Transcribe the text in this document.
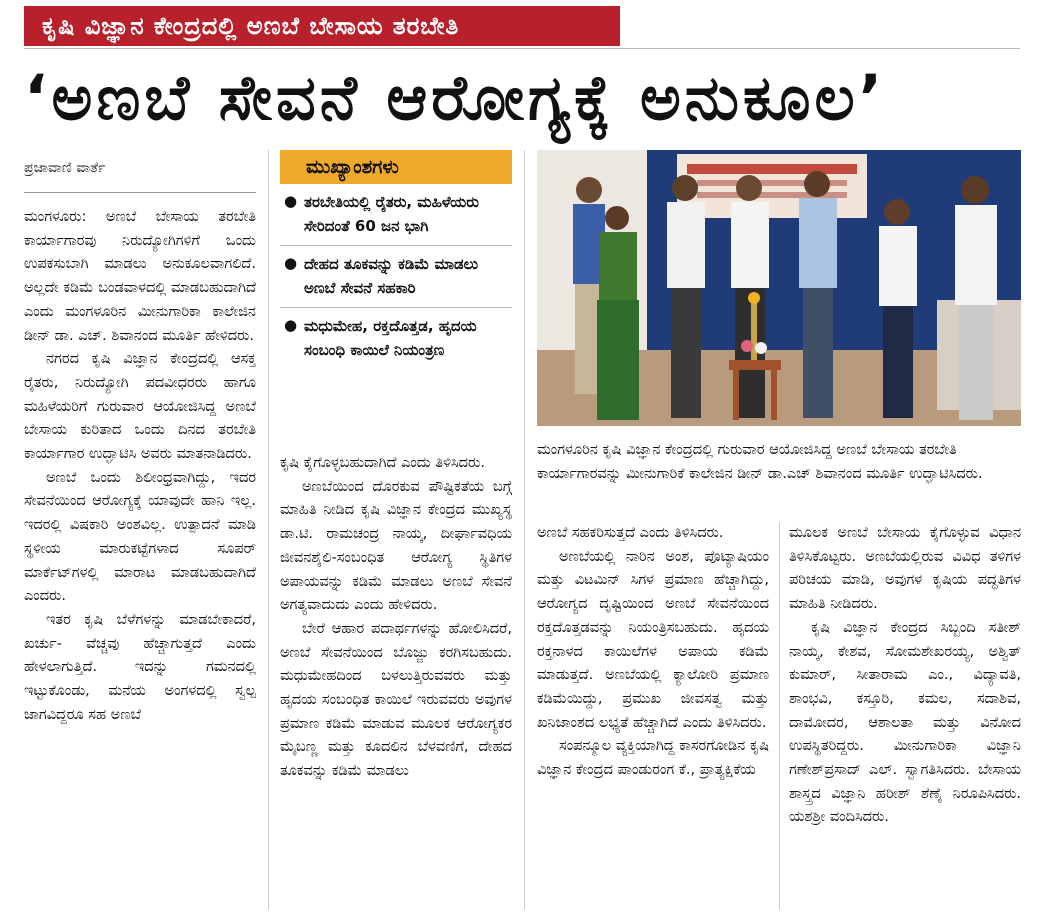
ಕೃಷಿ ವಿಜ್ಞಾನ ಕೇಂದ್ರದಲ್ಲಿ ಅಣಬೆ ಬೇಸಾಯ ತರಬೇತಿ
‘ಅಣಬೆ ಸೇವನೆ ಆರೋಗ್ಯಕ್ಕೆ ಅನುಕೂಲ’
ಪ್ರಜಾವಾಣಿ ವಾರ್ತೆ

ಮಂಗಳೂರು: ಅಣಬೆ ಬೇಸಾಯ ತರಬೇತಿ ಕಾರ್ಯಾಗಾರವು ನಿರುದ್ಯೋಗಿಗಳಿಗೆ ಒಂದು ಉಪಕಸುಬಾಗಿ ಮಾಡಲು ಅನುಕೂಲವಾಗಲಿದೆ. ಅಲ್ಲದೇ ಕಡಿಮೆ ಬಂಡವಾಳದಲ್ಲಿ ಮಾಡಬಹುದಾಗಿದೆ ಎಂದು ಮಂಗಳೂರಿನ ಮೀನುಗಾರಿಕಾ ಕಾಲೇಜಿನ ಡೀನ್ ಡಾ. ಎಚ್. ಶಿವಾನಂದ ಮೂರ್ತಿ ಹೇಳಿದರು.

ನಗರದ ಕೃಷಿ ವಿಜ್ಞಾನ ಕೇಂದ್ರದಲ್ಲಿ ಆಸಕ್ತ ರೈತರು, ನಿರುದ್ಯೋಗಿ ಪದವೀಧರರು ಹಾಗೂ ಮಹಿಳೆಯರಿಗೆ ಗುರುವಾರ ಆಯೋಜಿಸಿದ್ದ ಅಣಬೆ ಬೇಸಾಯ ಕುರಿತಾದ ಒಂದು ದಿನದ ತರಬೇತಿ ಕಾರ್ಯಾಗಾರ ಉದ್ಘಾಟಿಸಿ ಅವರು ಮಾತನಾಡಿದರು.

ಅಣಬೆ ಒಂದು ಶಿಲೀಂಧ್ರವಾಗಿದ್ದು, ಇದರ ಸೇವನೆಯಿಂದ ಆರೋಗ್ಯಕ್ಕೆ ಯಾವುದೇ ಹಾನಿ ಇಲ್ಲ. ಇದರಲ್ಲಿ ವಿಷಕಾರಿ ಅಂಶವಿಲ್ಲ. ಉತ್ಪಾದನೆ ಮಾಡಿ ಸ್ಥಳೀಯ ಮಾರುಕಟ್ಟೆಗಳಾದ ಸೂಪರ್ ಮಾರ್ಕೆಟ್‌ಗಳಲ್ಲಿ ಮಾರಾಟ ಮಾಡಬಹುದಾಗಿದೆ ಎಂದರು.

ಇತರ ಕೃಷಿ ಬೆಳೆಗಳನ್ನು ಮಾಡಬೇಕಾದರೆ, ಖರ್ಚು- ವೆಚ್ಚವು ಹೆಚ್ಚಾಗುತ್ತದೆ ಎಂದು ಹೇಳಲಾಗುತ್ತಿದೆ. ಇದನ್ನು ಗಮನದಲ್ಲಿ ಇಟ್ಟುಕೊಂಡು, ಮನೆಯ ಅಂಗಳದಲ್ಲಿ ಸ್ವಲ್ಪ ಜಾಗವಿದ್ದರೂ ಸಹ ಅಣಬೆ

ಮುಖ್ಯಾಂಶಗಳು
● ತರಬೇತಿಯಲ್ಲಿ ರೈತರು, ಮಹಿಳೆಯರು ಸೇರಿದಂತೆ 60 ಜನ ಭಾಗಿ
● ದೇಹದ ತೂಕವನ್ನು ಕಡಿಮೆ ಮಾಡಲು ಅಣಬೆ ಸೇವನೆ ಸಹಕಾರಿ
● ಮಧುಮೇಹ, ರಕ್ತದೊತ್ತಡ, ಹೃದಯ ಸಂಬಂಧಿ ಕಾಯಿಲೆ ನಿಯಂತ್ರಣ

ಕೃಷಿ ಕೈಗೊಳ್ಳಬಹುದಾಗಿದೆ ಎಂದು ತಿಳಿಸಿದರು.

ಅಣಬೆಯಿಂದ ದೊರಕುವ ಪೌಷ್ಟಿಕತೆಯ ಬಗ್ಗೆ ಮಾಹಿತಿ ನೀಡಿದ ಕೃಷಿ ವಿಜ್ಞಾನ ಕೇಂದ್ರದ ಮುಖ್ಯಸ್ಥ ಡಾ.ಟಿ. ರಾಮಚಂದ್ರ ನಾಯ್ಕ, ದೀರ್ಘಾವಧಿಯ ಜೀವನಶೈಲಿ-ಸಂಬಂಧಿತ ಆರೋಗ್ಯ ಸ್ಥಿತಿಗಳ ಅಪಾಯವನ್ನು ಕಡಿಮೆ ಮಾಡಲು ಅಣಬೆ ಸೇವನೆ ಅಗತ್ಯವಾದುದು ಎಂದು ಹೇಳಿದರು.

ಬೇರೆ ಆಹಾರ ಪದಾರ್ಥಗಳನ್ನು ಹೋಲಿಸಿದರೆ, ಅಣಬೆ ಸೇವನೆಯಿಂದ ಬೊಜ್ಜು ಕರಗಿಸಬಹುದು. ಮಧುಮೇಹದಿಂದ ಬಳಲುತ್ತಿರುವವರು ಮತ್ತು ಹೃದಯ ಸಂಬಂಧಿತ ಕಾಯಿಲೆ ಇರುವವರು ಅವುಗಳ ಪ್ರಮಾಣ ಕಡಿಮೆ ಮಾಡುವ ಮೂಲಕ ಆರೋಗ್ಯಕರ ಮೈಬಣ್ಣ ಮತ್ತು ಕೂದಲಿನ ಬೆಳವಣಿಗೆ, ದೇಹದ ತೂಕವನ್ನು ಕಡಿಮೆ ಮಾಡಲು

ಮಂಗಳೂರಿನ ಕೃಷಿ ವಿಜ್ಞಾನ ಕೇಂದ್ರದಲ್ಲಿ ಗುರುವಾರ ಆಯೋಜಿಸಿದ್ದ ಅಣಬೆ ಬೇಸಾಯ ತರಬೇತಿ ಕಾರ್ಯಾಗಾರವನ್ನು ಮೀನುಗಾರಿಕೆ ಕಾಲೇಜಿನ ಡೀನ್ ಡಾ.ಎಚ್ ಶಿವಾನಂದ ಮೂರ್ತಿ ಉದ್ಘಾಟಿಸಿದರು.

ಅಣಬೆ ಸಹಕರಿಸುತ್ತದೆ ಎಂದು ತಿಳಿಸಿದರು.

ಅಣಬೆಯಲ್ಲಿ ನಾರಿನ ಅಂಶ, ಪೊಟ್ಯಾಷಿಯಂ ಮತ್ತು ವಿಟಮಿನ್ ಸಿಗಳ ಪ್ರಮಾಣ ಹೆಚ್ಚಾಗಿದ್ದು, ಆರೋಗ್ಯದ ದೃಷ್ಟಿಯಿಂದ ಅಣಬೆ ಸೇವನೆಯಿಂದ ರಕ್ತದೊತ್ತಡವನ್ನು ನಿಯಂತ್ರಿಸಬಹುದು. ಹೃದಯ ರಕ್ತನಾಳದ ಕಾಯಿಲೆಗಳ ಅಪಾಯ ಕಡಿಮೆ ಮಾಡುತ್ತದೆ. ಅಣಬೆಯಲ್ಲಿ ಕ್ಯಾಲೋರಿ ಪ್ರಮಾಣ ಕಡಿಮೆಯಿದ್ದು, ಪ್ರಮುಖ ಜೀವಸತ್ವ ಮತ್ತು ಖನಿಜಾಂಶದ ಲಭ್ಯತೆ ಹೆಚ್ಚಾಗಿದೆ ಎಂದು ತಿಳಿಸಿದರು.

ಸಂಪನ್ಮೂಲ ವ್ಯಕ್ತಿಯಾಗಿದ್ದ ಕಾಸರಗೋಡಿನ ಕೃಷಿ ವಿಜ್ಞಾನ ಕೇಂದ್ರದ ಪಾಂಡುರಂಗ ಕೆ., ಪ್ರಾತ್ಯಕ್ಷಿಕೆಯ

ಮೂಲಕ ಅಣಬೆ ಬೇಸಾಯ ಕೈಗೊಳ್ಳುವ ವಿಧಾನ ತಿಳಿಸಿಕೊಟ್ಟರು. ಅಣಬೆಯಲ್ಲಿರುವ ವಿವಿಧ ತಳಿಗಳ ಪರಿಚಯ ಮಾಡಿ, ಅವುಗಳ ಕೃಷಿಯ ಪದ್ಧತಿಗಳ ಮಾಹಿತಿ ನೀಡಿದರು.

ಕೃಷಿ ವಿಜ್ಞಾನ ಕೇಂದ್ರದ ಸಿಬ್ಬಂದಿ ಸತೀಶ್ ನಾಯ್ಕ, ಕೇಶವ, ಸೋಮಶೇಖರಯ್ಯ, ಅಶ್ವಿತ್ ಕುಮಾರ್, ಸೀತಾರಾಮ ಎಂ., ವಿದ್ಯಾವತಿ, ಶಾಂಭವಿ, ಕಸ್ತೂರಿ, ಕಮಲ, ಸದಾಶಿವ, ದಾಮೋದರ, ಆಶಾಲತಾ ಮತ್ತು ವಿನೋದ ಉಪಸ್ಥಿತರಿದ್ದರು. ಮೀನುಗಾರಿಕಾ ವಿಜ್ಞಾನಿ ಗಣೇಶ್‌ಪ್ರಸಾದ್ ಎಲ್. ಸ್ವಾಗತಿಸಿದರು. ಬೇಸಾಯ ಶಾಸ್ತ್ರದ ವಿಜ್ಞಾನಿ ಹರೀಶ್ ಶೆಣೈ ನಿರೂಪಿಸಿದರು. ಯಶಶ್ರೀ ವಂದಿಸಿದರು.
